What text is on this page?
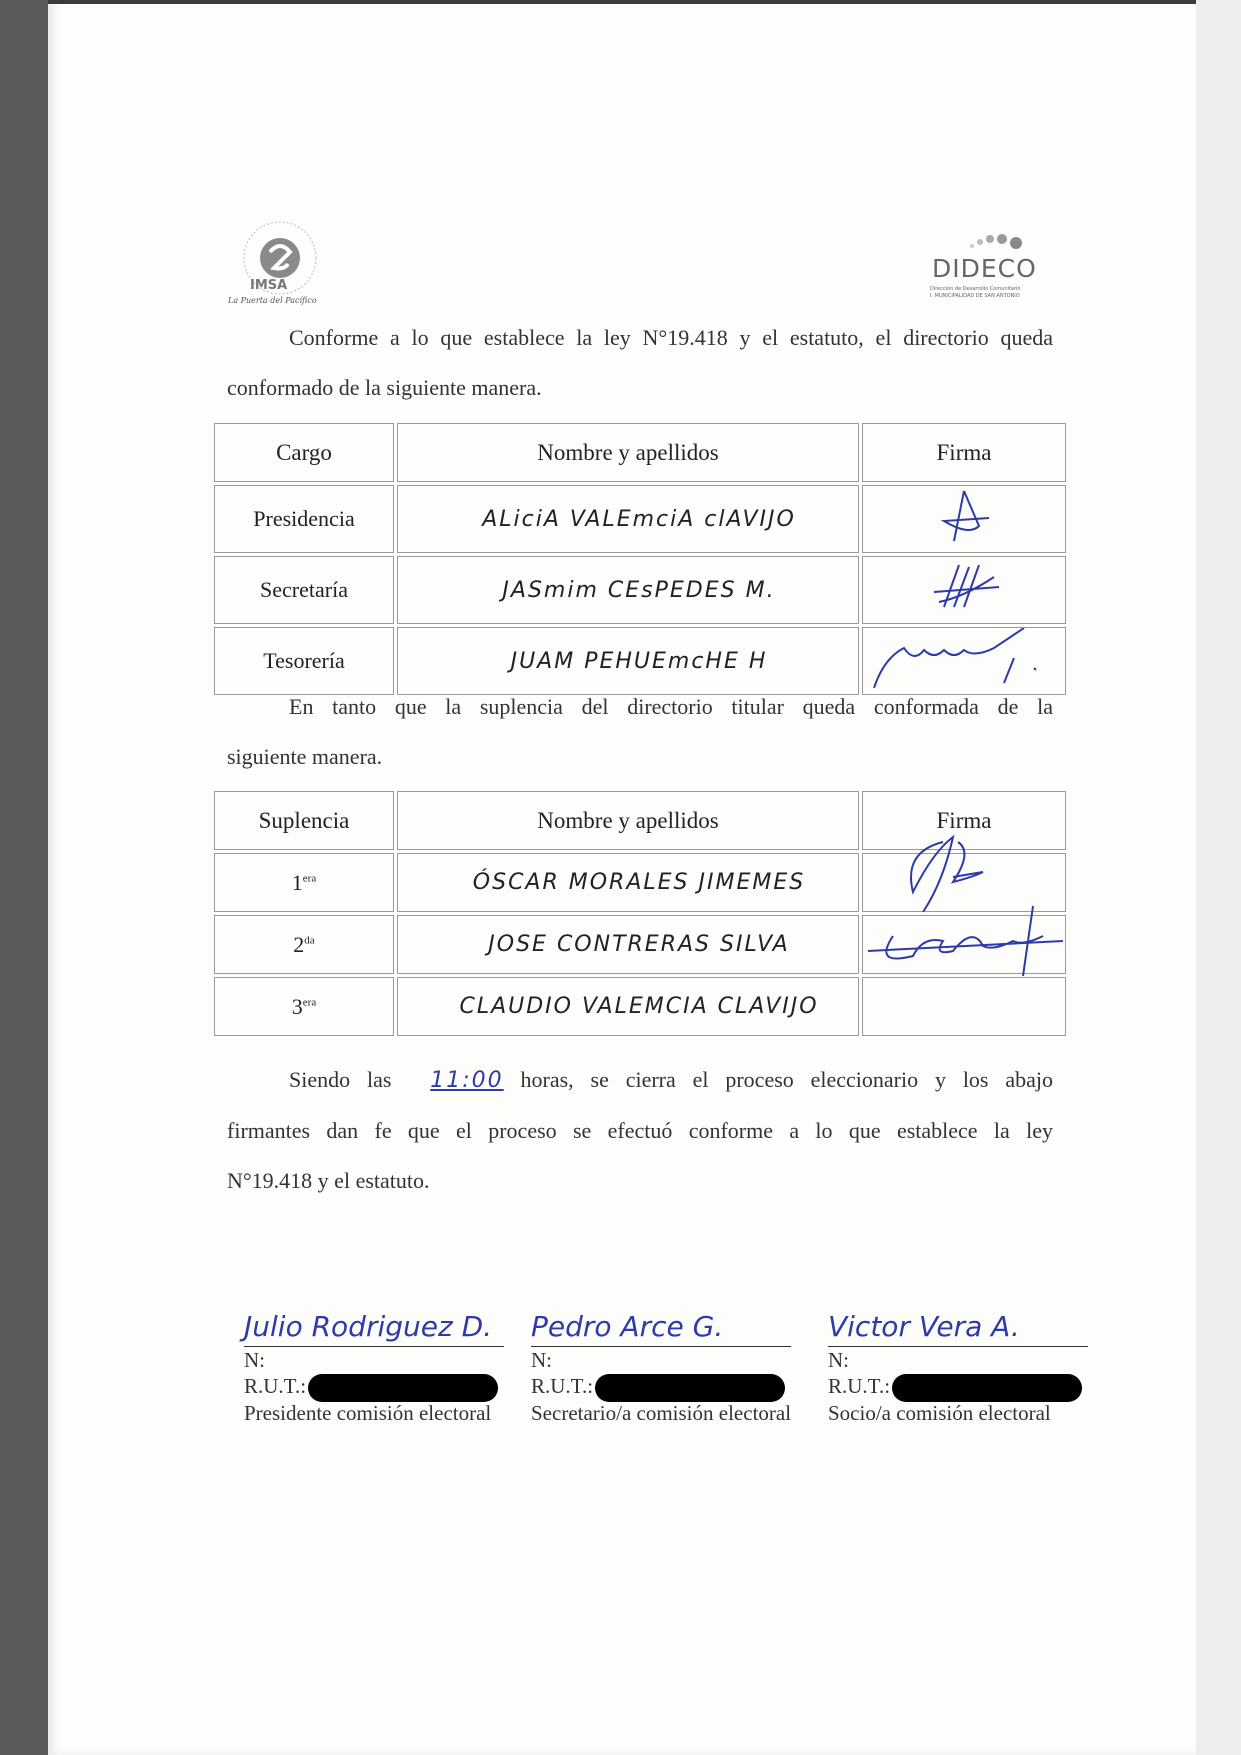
IMSA
La Puerta del Pacífico
DIDECO
Dirección de Desarrollo Comunitario
I. MUNICIPALIDAD DE SAN ANTONIO
Conforme a lo que establece la ley N°19.418 y el estatuto, el directorio queda
conformado de la siguiente manera.
Cargo	Nombre y apellidos	Firma
Presidencia	ALiciA VALEmciA clAVIJO	
Secretaría	JASmim CEsPEDES M.	
Tesorería	JUAM PEHUEmcHE H	
En tanto que la suplencia del directorio titular queda conformada de la
siguiente manera.
Suplencia	Nombre y apellidos	Firma
$1^{era}$	ÓSCAR MORALES JIMEMES	

$2^{da}$	JOSE CONTRERAS SILVA	

$3^{era}$	CLAUDIO VALEMCIA CLAVIJO	
Siendo las 11:00 horas, se cierra el proceso eleccionario y los abajo
firmantes dan fe que el proceso se efectuó conforme a lo que establece la ley
N°19.418 y el estatuto.
Julio Rodriguez D.
N:
R.U.T.:
Presidente comisión electoral
Pedro Arce G.
N:
R.U.T.:
Secretario/a comisión electoral
Victor Vera A.
N:
R.U.T.:
Socio/a comisión electoral
